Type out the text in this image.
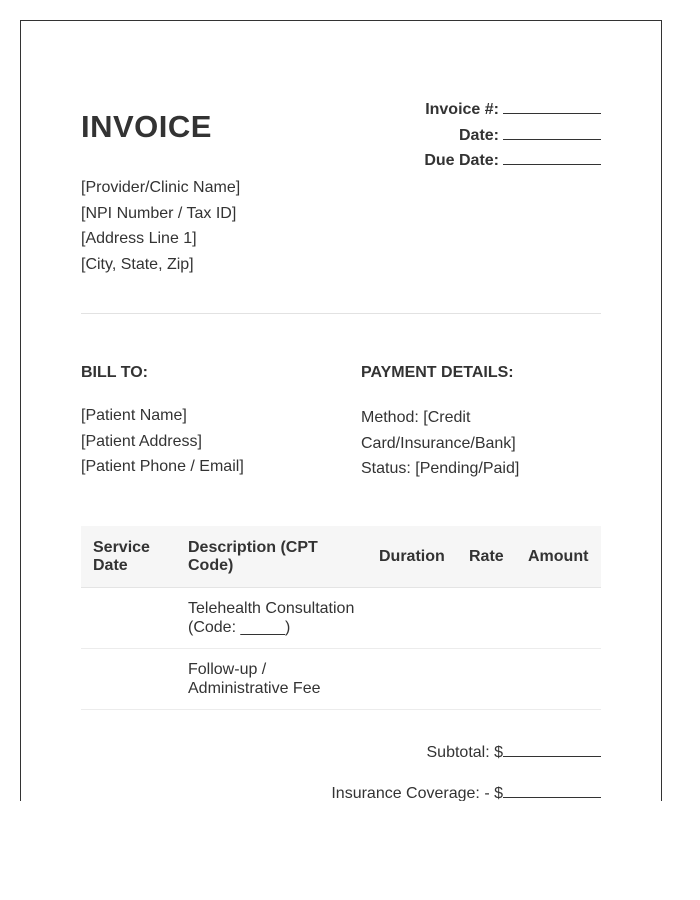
INVOICE	Invoice #:
Date:
Due Date:
[Provider/Clinic Name]
[NPI Number / Tax ID]
[Address Line 1]
[City, State, Zip]
BILL TO:	PAYMENT DETAILS:
[Patient Name]
[Patient Address]
[Patient Phone / Email]
Method: [Credit Card/Insurance/Bank]
Status: [Pending/Paid]
Service Date	Description (CPT Code)	Duration	Rate	Amount
	Telehealth Consultation (Code: _____)			
	Follow-up / Administrative Fee			
Subtotal: $
Insurance Coverage: - $
